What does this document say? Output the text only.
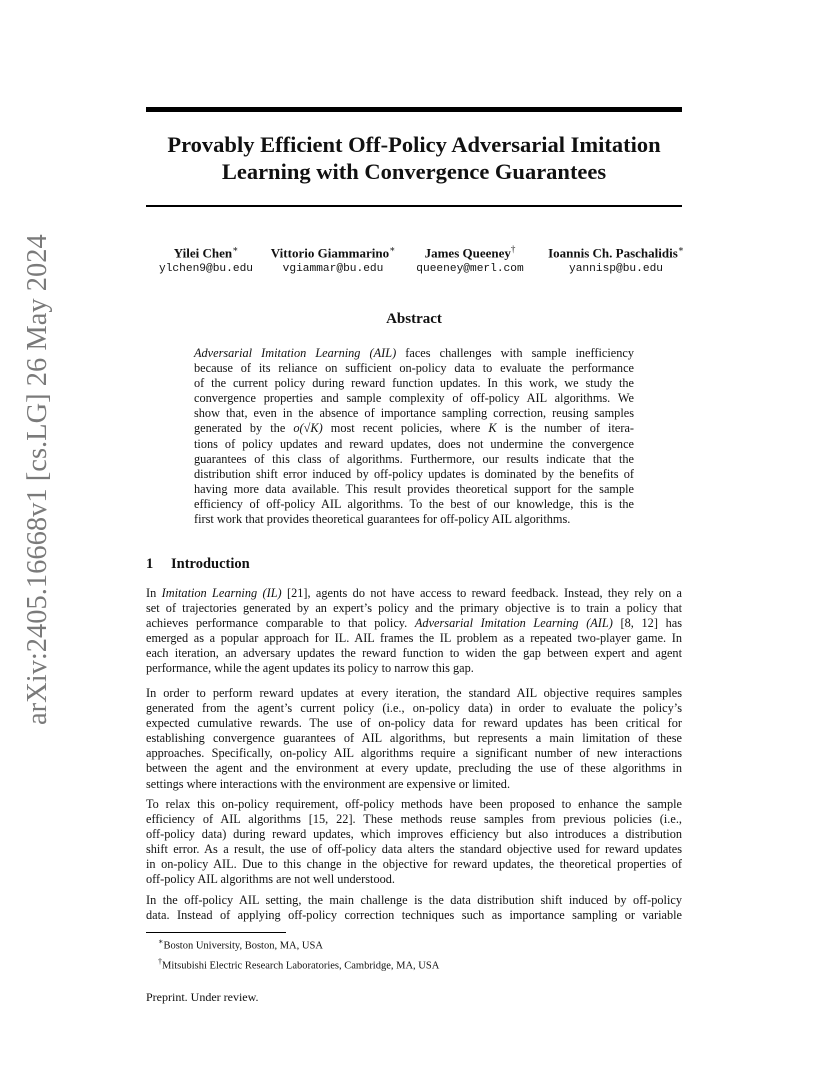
Provably Efficient Off-Policy Adversarial Imitation
Learning with Convergence Guarantees
arXiv:2405.16668v1 [cs.LG] 26 May 2024	Yilei Chen∗
ylchen9@bu.edu
Vittorio Giammarino∗
vgiammar@bu.edu
James Queeney†
queeney@merl.com
Ioannis Ch. Paschalidis∗
yannisp@bu.edu
Abstract
Adversarial Imitation Learning (AIL) faces challenges with sample inefficiency
because of its reliance on sufficient on-policy data to evaluate the performance
of the current policy during reward function updates. In this work, we study the
convergence properties and sample complexity of off-policy AIL algorithms. We
show that, even in the absence of importance sampling correction, reusing samples
generated by the o(√K) most recent policies, where K is the number of itera-
tions of policy updates and reward updates, does not undermine the convergence
guarantees of this class of algorithms. Furthermore, our results indicate that the
distribution shift error induced by off-policy updates is dominated by the benefits of
having more data available. This result provides theoretical support for the sample
efficiency of off-policy AIL algorithms. To the best of our knowledge, this is the
first work that provides theoretical guarantees for off-policy AIL algorithms.
1 Introduction
In Imitation Learning (IL) [21], agents do not have access to reward feedback. Instead, they rely on a
set of trajectories generated by an expert’s policy and the primary objective is to train a policy that
achieves performance comparable to that policy. Adversarial Imitation Learning (AIL) [8, 12] has
emerged as a popular approach for IL. AIL frames the IL problem as a repeated two-player game. In
each iteration, an adversary updates the reward function to widen the gap between expert and agent
performance, while the agent updates its policy to narrow this gap.
In order to perform reward updates at every iteration, the standard AIL objective requires samples
generated from the agent’s current policy (i.e., on-policy data) in order to evaluate the policy’s
expected cumulative rewards. The use of on-policy data for reward updates has been critical for
establishing convergence guarantees of AIL algorithms, but represents a main limitation of these
approaches. Specifically, on-policy AIL algorithms require a significant number of new interactions
between the agent and the environment at every update, precluding the use of these algorithms in
settings where interactions with the environment are expensive or limited.
To relax this on-policy requirement, off-policy methods have been proposed to enhance the sample
efficiency of AIL algorithms [15, 22]. These methods reuse samples from previous policies (i.e.,
off-policy data) during reward updates, which improves efficiency but also introduces a distribution
shift error. As a result, the use of off-policy data alters the standard objective used for reward updates
in on-policy AIL. Due to this change in the objective for reward updates, the theoretical properties of
off-policy AIL algorithms are not well understood.
In the off-policy AIL setting, the main challenge is the data distribution shift induced by off-policy
data. Instead of applying off-policy correction techniques such as importance sampling or variable
∗Boston University, Boston, MA, USA
†Mitsubishi Electric Research Laboratories, Cambridge, MA, USA
Preprint. Under review.
